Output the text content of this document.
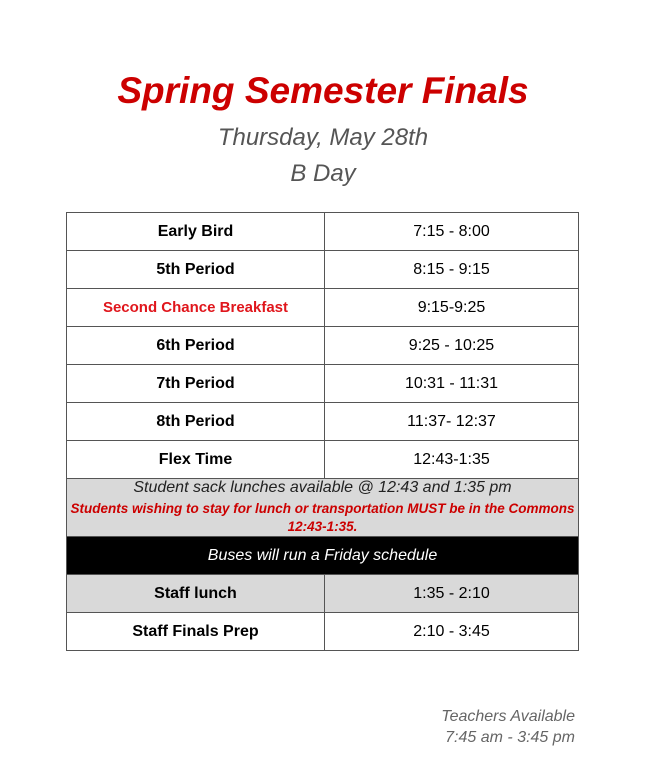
Spring Semester Finals
Thursday, May 28th
B Day
Early Bird	7:15 - 8:00
5th Period	8:15 - 9:15
Second Chance Breakfast	9:15-9:25
6th Period	9:25 - 10:25
7th Period	10:31 - 11:31
8th Period	11:37- 12:37
Flex Time	12:43-1:35

Student sack lunches available @ 12:43 and 1:35 pm
Students wishing to stay for lunch or transportation MUST be in the Commons 12:43-1:35.	

Buses will run a Friday schedule	
Staff lunch	1:35 - 2:10
Staff Finals Prep	2:10 - 3:45
Teachers Available
7:45 am - 3:45 pm
